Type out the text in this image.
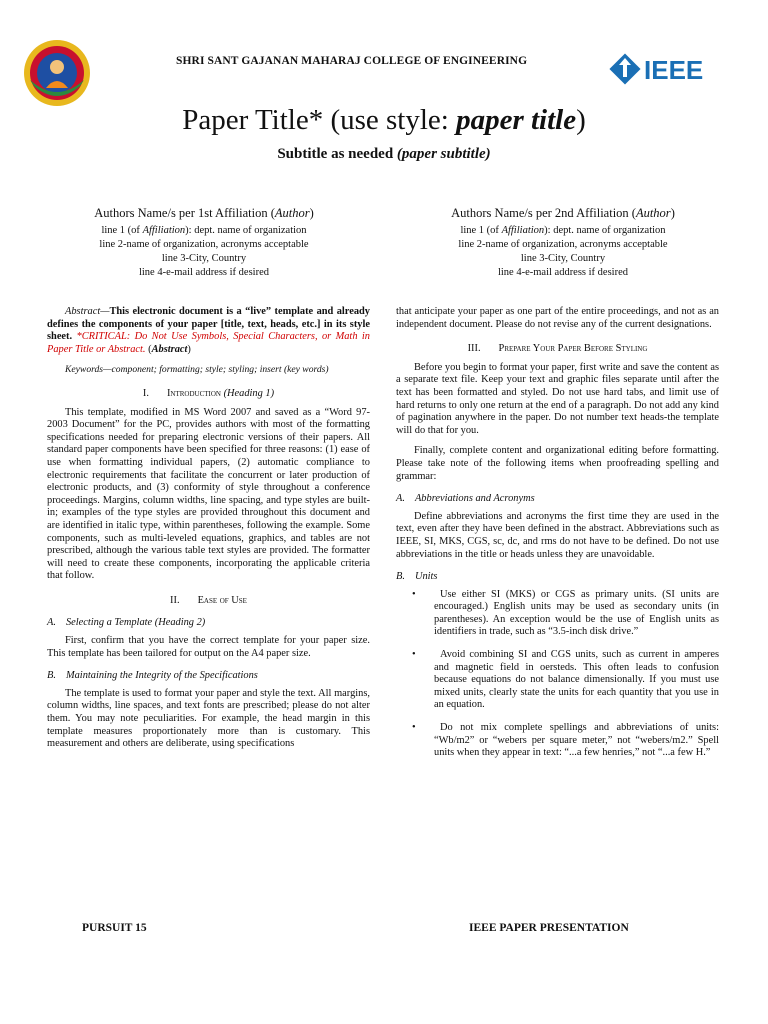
SHRI SANT GAJANAN MAHARAJ COLLEGE OF ENGINEERING	IEEE
Paper Title* (use style: paper title)
Subtitle as needed (paper subtitle)
Authors Name/s per 1st Affiliation (Author)
line 1 (of Affiliation): dept. name of organization
line 2-name of organization, acronyms acceptable
line 3-City, Country
line 4-e-mail address if desired
Authors Name/s per 2nd Affiliation (Author)
line 1 (of Affiliation): dept. name of organization
line 2-name of organization, acronyms acceptable
line 3-City, Country
line 4-e-mail address if desired

Abstract—This electronic document is a “live” template and already defines the components of your paper [title, text, heads, etc.] in its style sheet. *CRITICAL: Do Not Use Symbols, Special Characters, or Math in Paper Title or Abstract. (Abstract)

Keywords—component; formatting; style; styling; insert (key words)

I. Introduction (Heading 1)

This template, modified in MS Word 2007 and saved as a “Word 97-2003 Document” for the PC, provides authors with most of the formatting specifications needed for preparing electronic versions of their papers. All standard paper components have been specified for three reasons: (1) ease of use when formatting individual papers, (2) automatic compliance to electronic requirements that facilitate the concurrent or later production of electronic products, and (3) conformity of style throughout a conference proceedings. Margins, column widths, line spacing, and type styles are built-in; examples of the type styles are provided throughout this document and are identified in italic type, within parentheses, following the example. Some components, such as multi-leveled equations, graphics, and tables are not prescribed, although the various table text styles are provided. The formatter will need to create these components, incorporating the applicable criteria that follow.

II. Ease of Use

A. Selecting a Template (Heading 2)

First, confirm that you have the correct template for your paper size. This template has been tailored for output on the A4 paper size.

B. Maintaining the Integrity of the Specifications

The template is used to format your paper and style the text. All margins, column widths, line spaces, and text fonts are prescribed; please do not alter them. You may note peculiarities. For example, the head margin in this template measures proportionately more than is customary. This measurement and others are deliberate, using specifications

that anticipate your paper as one part of the entire proceedings, and not as an independent document. Please do not revise any of the current designations.

III. Prepare Your Paper Before Styling

Before you begin to format your paper, first write and save the content as a separate text file. Keep your text and graphic files separate until after the text has been formatted and styled. Do not use hard tabs, and limit use of hard returns to only one return at the end of a paragraph. Do not add any kind of pagination anywhere in the paper. Do not number text heads-the template will do that for you.

Finally, complete content and organizational editing before formatting. Please take note of the following items when proofreading spelling and grammar:

A. Abbreviations and Acronyms

Define abbreviations and acronyms the first time they are used in the text, even after they have been defined in the abstract. Abbreviations such as IEEE, SI, MKS, CGS, sc, dc, and rms do not have to be defined. Do not use abbreviations in the title or heads unless they are unavoidable.

B. Units

• Use either SI (MKS) or CGS as primary units. (SI units are encouraged.) English units may be used as secondary units (in parentheses). An exception would be the use of English units as identifiers in trade, such as “3.5-inch disk drive.”
• Avoid combining SI and CGS units, such as current in amperes and magnetic field in oersteds. This often leads to confusion because equations do not balance dimensionally. If you must use mixed units, clearly state the units for each quantity that you use in an equation.
• Do not mix complete spellings and abbreviations of units: “Wb/m2” or “webers per square meter,” not “webers/m2.” Spell units when they appear in text: “...a few henries,” not “...a few H.”
PURSUIT 15	IEEE PAPER PRESENTATION
